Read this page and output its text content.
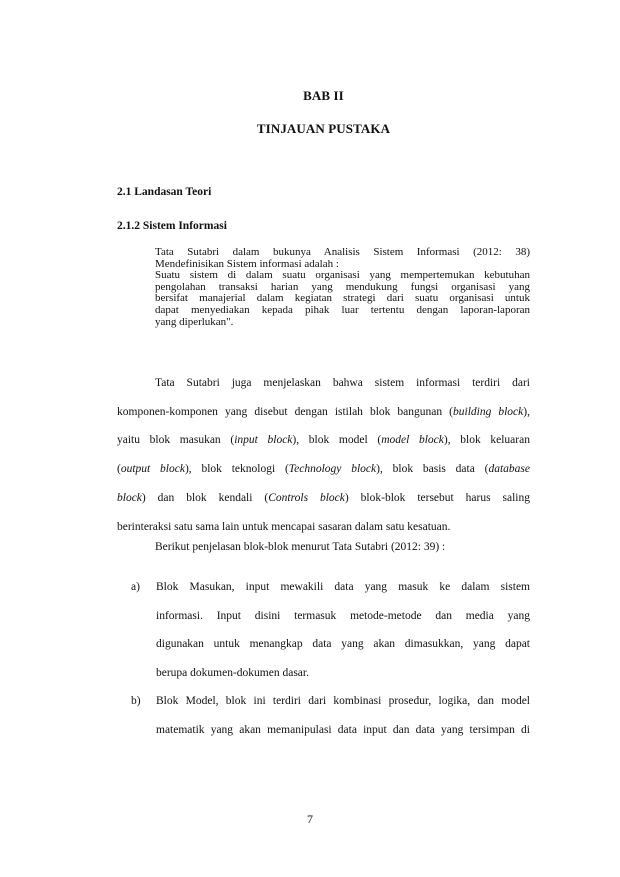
BAB II
TINJAUAN PUSTAKA
2.1 Landasan Teori
2.1.2 Sistem Informasi
Tata Sutabri dalam bukunya Analisis Sistem Informasi (2012: 38)
Mendefinisikan Sistem informasi adalah :
Suatu sistem di dalam suatu organisasi yang mempertemukan kebutuhan
pengolahan transaksi harian yang mendukung fungsi organisasi yang
bersifat manajerial dalam kegiatan strategi dari suatu organisasi untuk
dapat menyediakan kepada pihak luar tertentu dengan laporan-laporan
yang diperlukan".
Tata Sutabri juga menjelaskan bahwa sistem informasi terdiri dari
komponen-komponen yang disebut dengan istilah blok bangunan (building block),
yaitu blok masukan (input block), blok model (model block), blok keluaran
(output block), blok teknologi (Technology block), blok basis data (database
block) dan blok kendali (Controls block) blok-blok tersebut harus saling
berinteraksi satu sama lain untuk mencapai sasaran dalam satu kesatuan.
Berikut penjelasan blok-blok menurut Tata Sutabri (2012: 39) :
a) Blok Masukan, input mewakili data yang masuk ke dalam sistem
informasi. Input disini termasuk metode-metode dan media yang
digunakan untuk menangkap data yang akan dimasukkan, yang dapat
berupa dokumen-dokumen dasar.
b) Blok Model, blok ini terdiri dari kombinasi prosedur, logika, dan model
matematik yang akan memanipulasi data input dan data yang tersimpan di
7
